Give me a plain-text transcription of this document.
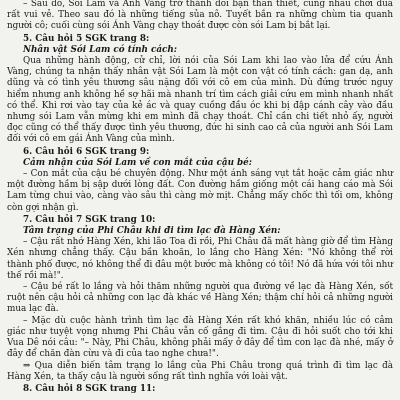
– Sau đó, Sói Lam và Ánh Vàng trở thành đôi bạn thân thiết, cùng nhau chơi đùa rất vui vẻ. Theo sau đó là những tiếng sủa nô. Tuyết bắn ra những chùm tia quanh người cô; cuối cùng sói Ánh Vàng chạy thoát được còn sói Lam bị bắt lại.

5. Câu hỏi 5 SGK trang 8:

Nhân vật Sói Lam có tính cách:

Qua những hành động, cử chỉ, lời nói của Sói Lam khi lao vào lửa để cứu Ánh Vàng, chúng ta nhận thấy nhân vật Sói Lam là một con vật có tính cách: gan dạ, anh dũng và có tình yêu thương sâu nặng đối với cô em của mình. Dù đứng trước nguy hiểm nhưng anh không hề sợ hãi mà nhanh trí tìm cách giải cứu em mình nhanh nhất có thể. Khi rơi vào tay của kẻ ác và quay cuồng đầu óc khi bị đập cánh cây vào đầu nhưng sói Lam vẫn mừng khi em mình đã chạy thoát. Chỉ cần chi tiết nhỏ ấy, người đọc cũng có thể thấy được tình yêu thương, đức hi sinh cao cả của người anh Sói Lam đối với cô em gái Ánh Vàng của mình.

6. Câu hỏi 6 SGK trang 9:

Cảm nhận của Sói Lam về con mắt của cậu bé:

– Con mắt của cậu bé chuyên động. Như một ánh sáng vụt tắt hoặc cảm giác như một đường hầm bị sập dưới lòng đất. Con đường hầm giống một cái hang cáo mà Sói Lam từng chui vào, càng vào sâu thì càng mờ mịt. Chẳng mấy chốc thì tối om, không còn gợi nhận gì.

7. Câu hỏi 7 SGK trang 10:

Tâm trạng của Phi Châu khi đi tìm lạc đà Hàng Xén:

– Cậu rất nhớ Hàng Xén, khi lão Toa đi rồi, Phi Châu đã mất hàng giờ để tìm Hàng Xén nhưng chẳng thấy. Cậu bần khoăn, lo lắng cho Hàng Xén: "Nó không thể rời thành phố được, nó không thể đi đâu một bước mà không có tôi! Nó đã hứa với tôi như thế rồi mà!".

– Cậu bé rất lo lắng và hỏi thăm những người qua đường về lạc đà Hàng Xén, sốt ruột nên cậu hỏi cả những con lạc đà khác về Hàng Xén; thậm chí hỏi cả những người mua lạc đà.

– Mặc dù cuộc hành trình tìm lạc đà Hàng Xén rất khó khăn, nhiều lúc có cảm giác như tuyệt vọng nhưng Phi Châu vẫn cố gắng đi tìm. Cậu đi hỏi suốt cho tới khi Vua Dê nói câu: "– Này, Phi Châu, không phải mấy ở đây để tìm con lạc đà nhé, mấy ở đây để chăn đàn cừu và đi của tao nghe chưa!".

⇒ Qua diễn biến tâm trạng lo lắng của Phi Châu trong quá trình đi tìm lạc đà Hàng Xén, ta thấy cậu là người sống rất tình nghĩa với loài vật.

8. Câu hỏi 8 SGK trang 11:
